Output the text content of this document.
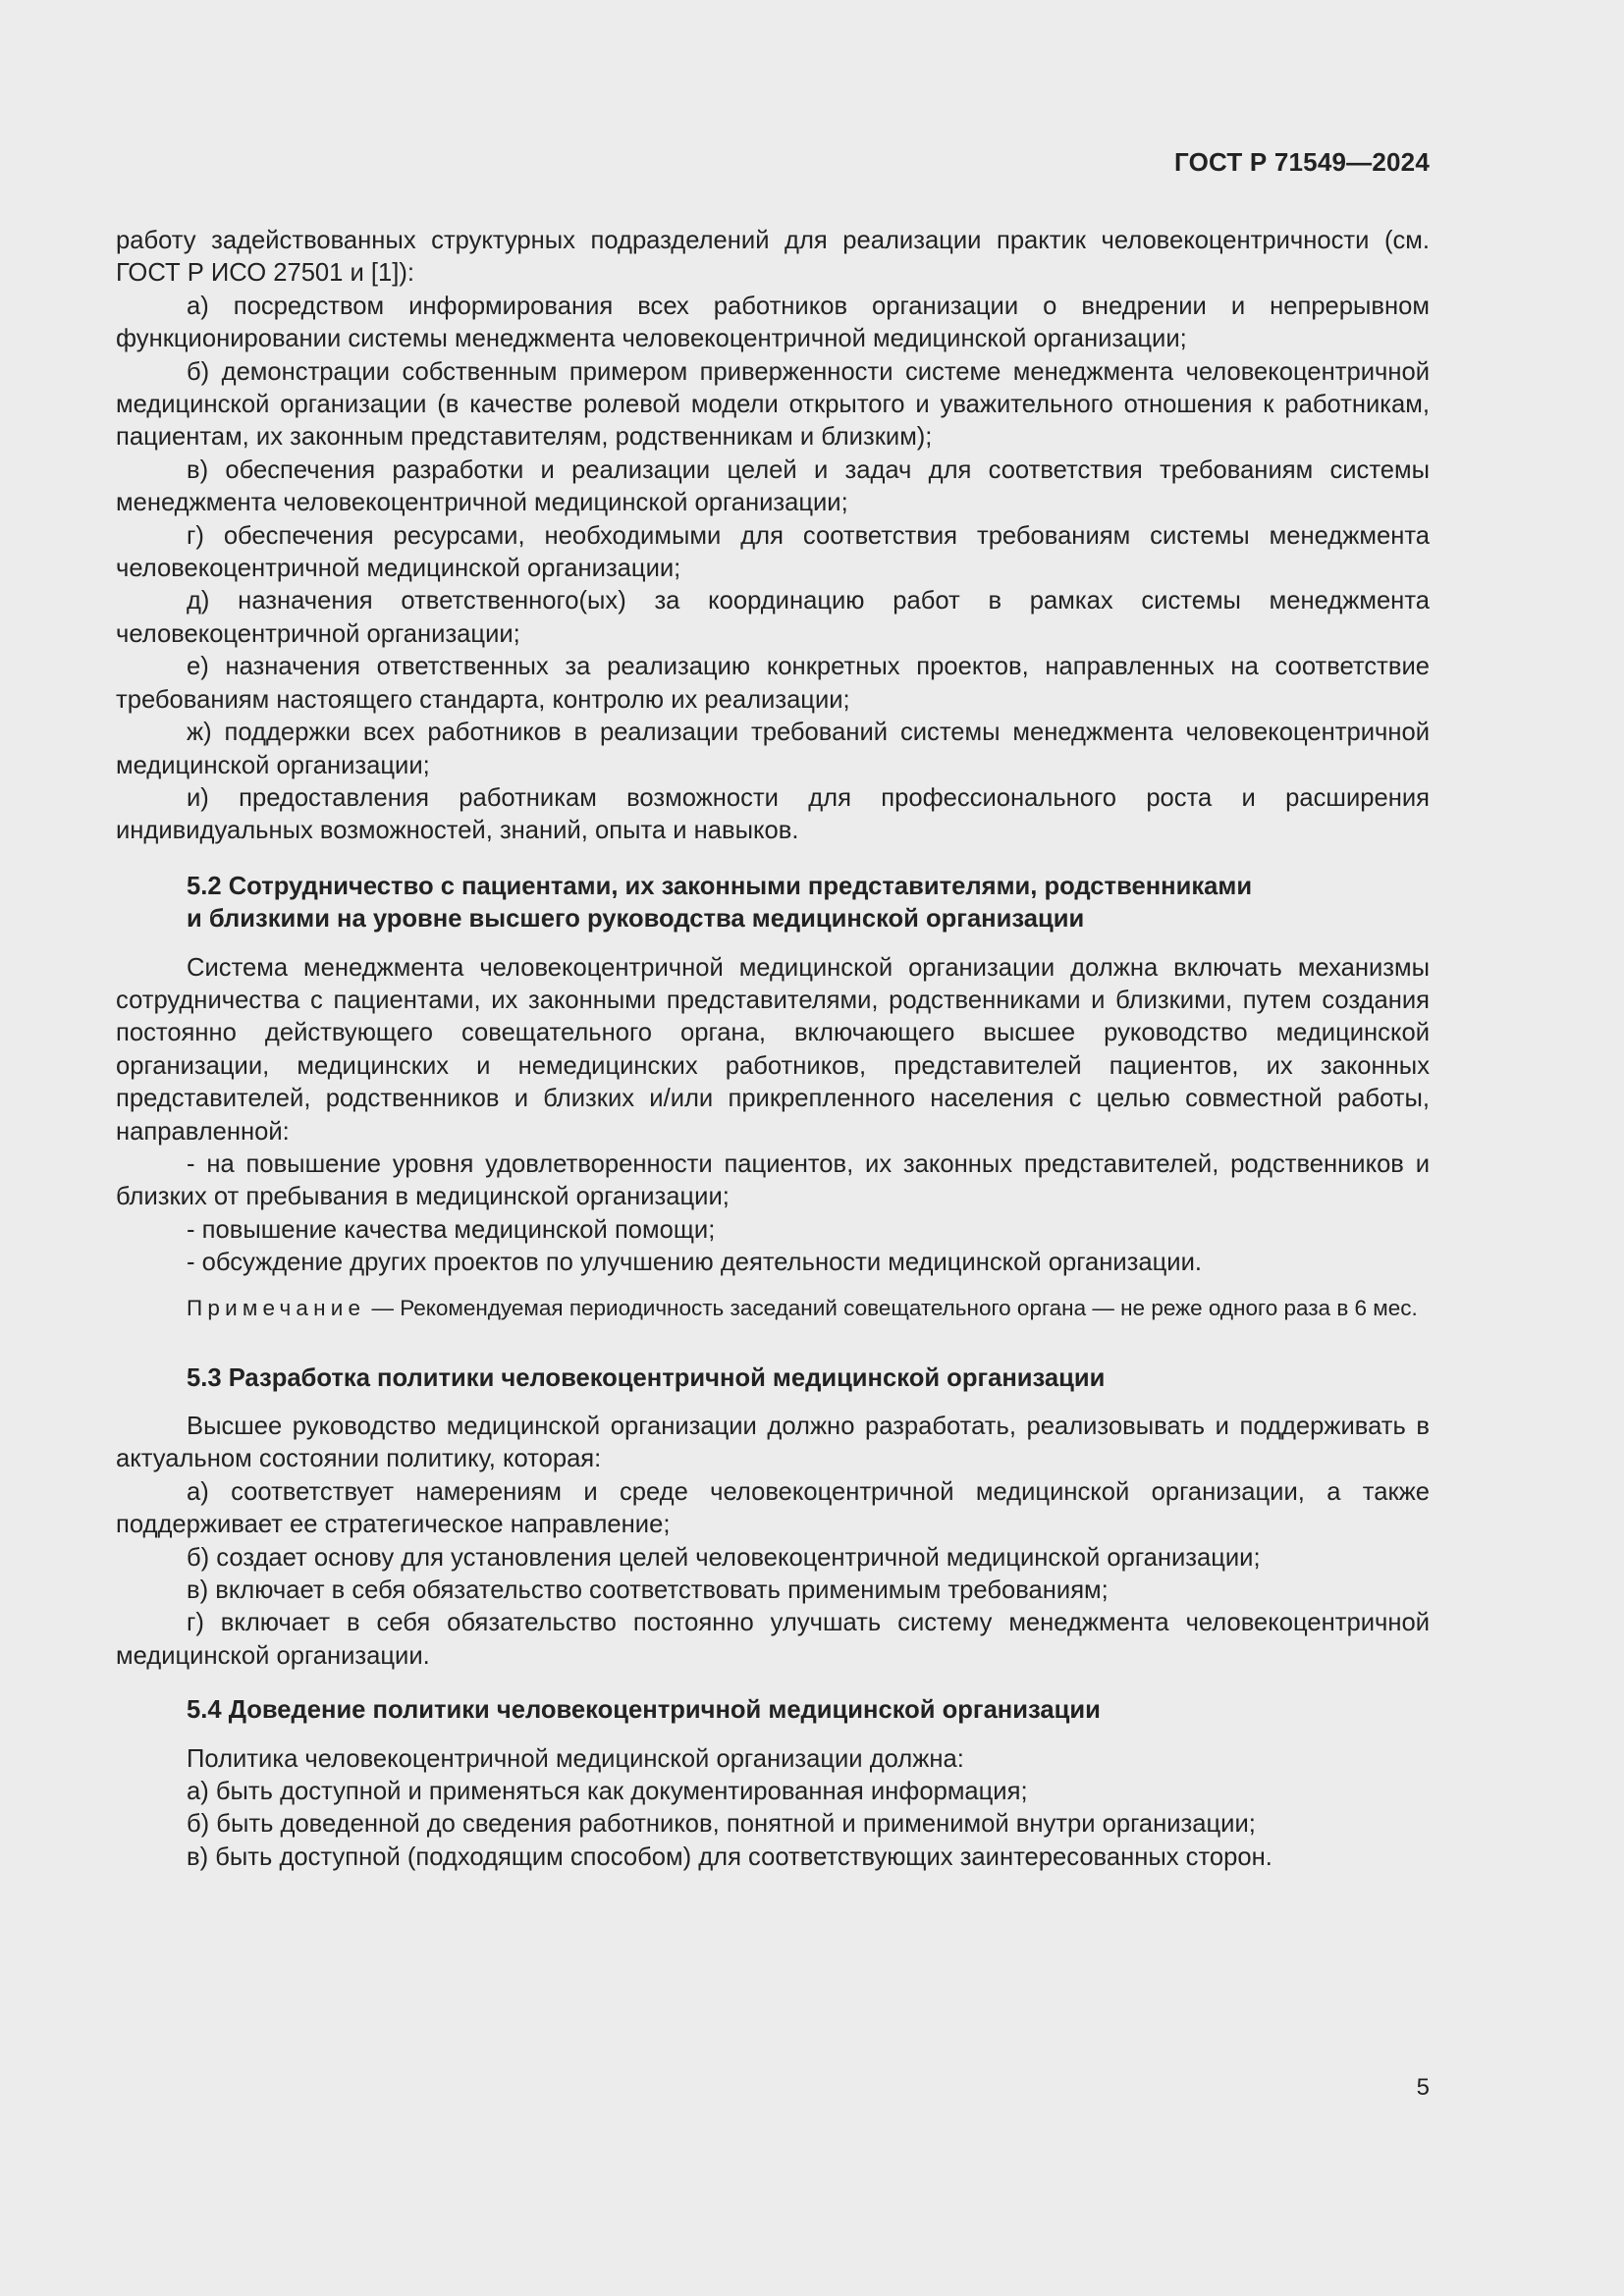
ГОСТ Р 71549—2024

работу задействованных структурных подразделений для реализации практик человекоцентричности (см. ГОСТ Р ИСО 27501 и [1]):

а) посредством информирования всех работников организации о внедрении и непрерывном функционировании системы менеджмента человекоцентричной медицинской организации;

б) демонстрации собственным примером приверженности системе менеджмента человекоцентричной медицинской организации (в качестве ролевой модели открытого и уважительного отношения к работникам, пациентам, их законным представителям, родственникам и близким);

в) обеспечения разработки и реализации целей и задач для соответствия требованиям системы менеджмента человекоцентричной медицинской организации;

г) обеспечения ресурсами, необходимыми для соответствия требованиям системы менеджмента человекоцентричной медицинской организации;

д) назначения ответственного(ых) за координацию работ в рамках системы менеджмента человекоцентричной организации;

е) назначения ответственных за реализацию конкретных проектов, направленных на соответствие требованиям настоящего стандарта, контролю их реализации;

ж) поддержки всех работников в реализации требований системы менеджмента человекоцентричной медицинской организации;

и) предоставления работникам возможности для профессионального роста и расширения индивидуальных возможностей, знаний, опыта и навыков.

5.2 Сотрудничество с пациентами, их законными представителями, родственниками
и близкими на уровне высшего руководства медицинской организации

Система менеджмента человекоцентричной медицинской организации должна включать механизмы сотрудничества с пациентами, их законными представителями, родственниками и близкими, путем создания постоянно действующего совещательного органа, включающего высшее руководство медицинской организации, медицинских и немедицинских работников, представителей пациентов, их законных представителей, родственников и близких и/или прикрепленного населения с целью совместной работы, направленной:

- на повышение уровня удовлетворенности пациентов, их законных представителей, родственников и близких от пребывания в медицинской организации;

- повышение качества медицинской помощи;

- обсуждение других проектов по улучшению деятельности медицинской организации.

Примечание — Рекомендуемая периодичность заседаний совещательного органа — не реже одного раза в 6 мес.

5.3 Разработка политики человекоцентричной медицинской организации

Высшее руководство медицинской организации должно разработать, реализовывать и поддерживать в актуальном состоянии политику, которая:

а) соответствует намерениям и среде человекоцентричной медицинской организации, а также поддерживает ее стратегическое направление;

б) создает основу для установления целей человекоцентричной медицинской организации;

в) включает в себя обязательство соответствовать применимым требованиям;

г) включает в себя обязательство постоянно улучшать систему менеджмента человекоцентричной медицинской организации.

5.4 Доведение политики человекоцентричной медицинской организации

Политика человекоцентричной медицинской организации должна:

а) быть доступной и применяться как документированная информация;

б) быть доведенной до сведения работников, понятной и применимой внутри организации;

в) быть доступной (подходящим способом) для соответствующих заинтересованных сторон.

5
